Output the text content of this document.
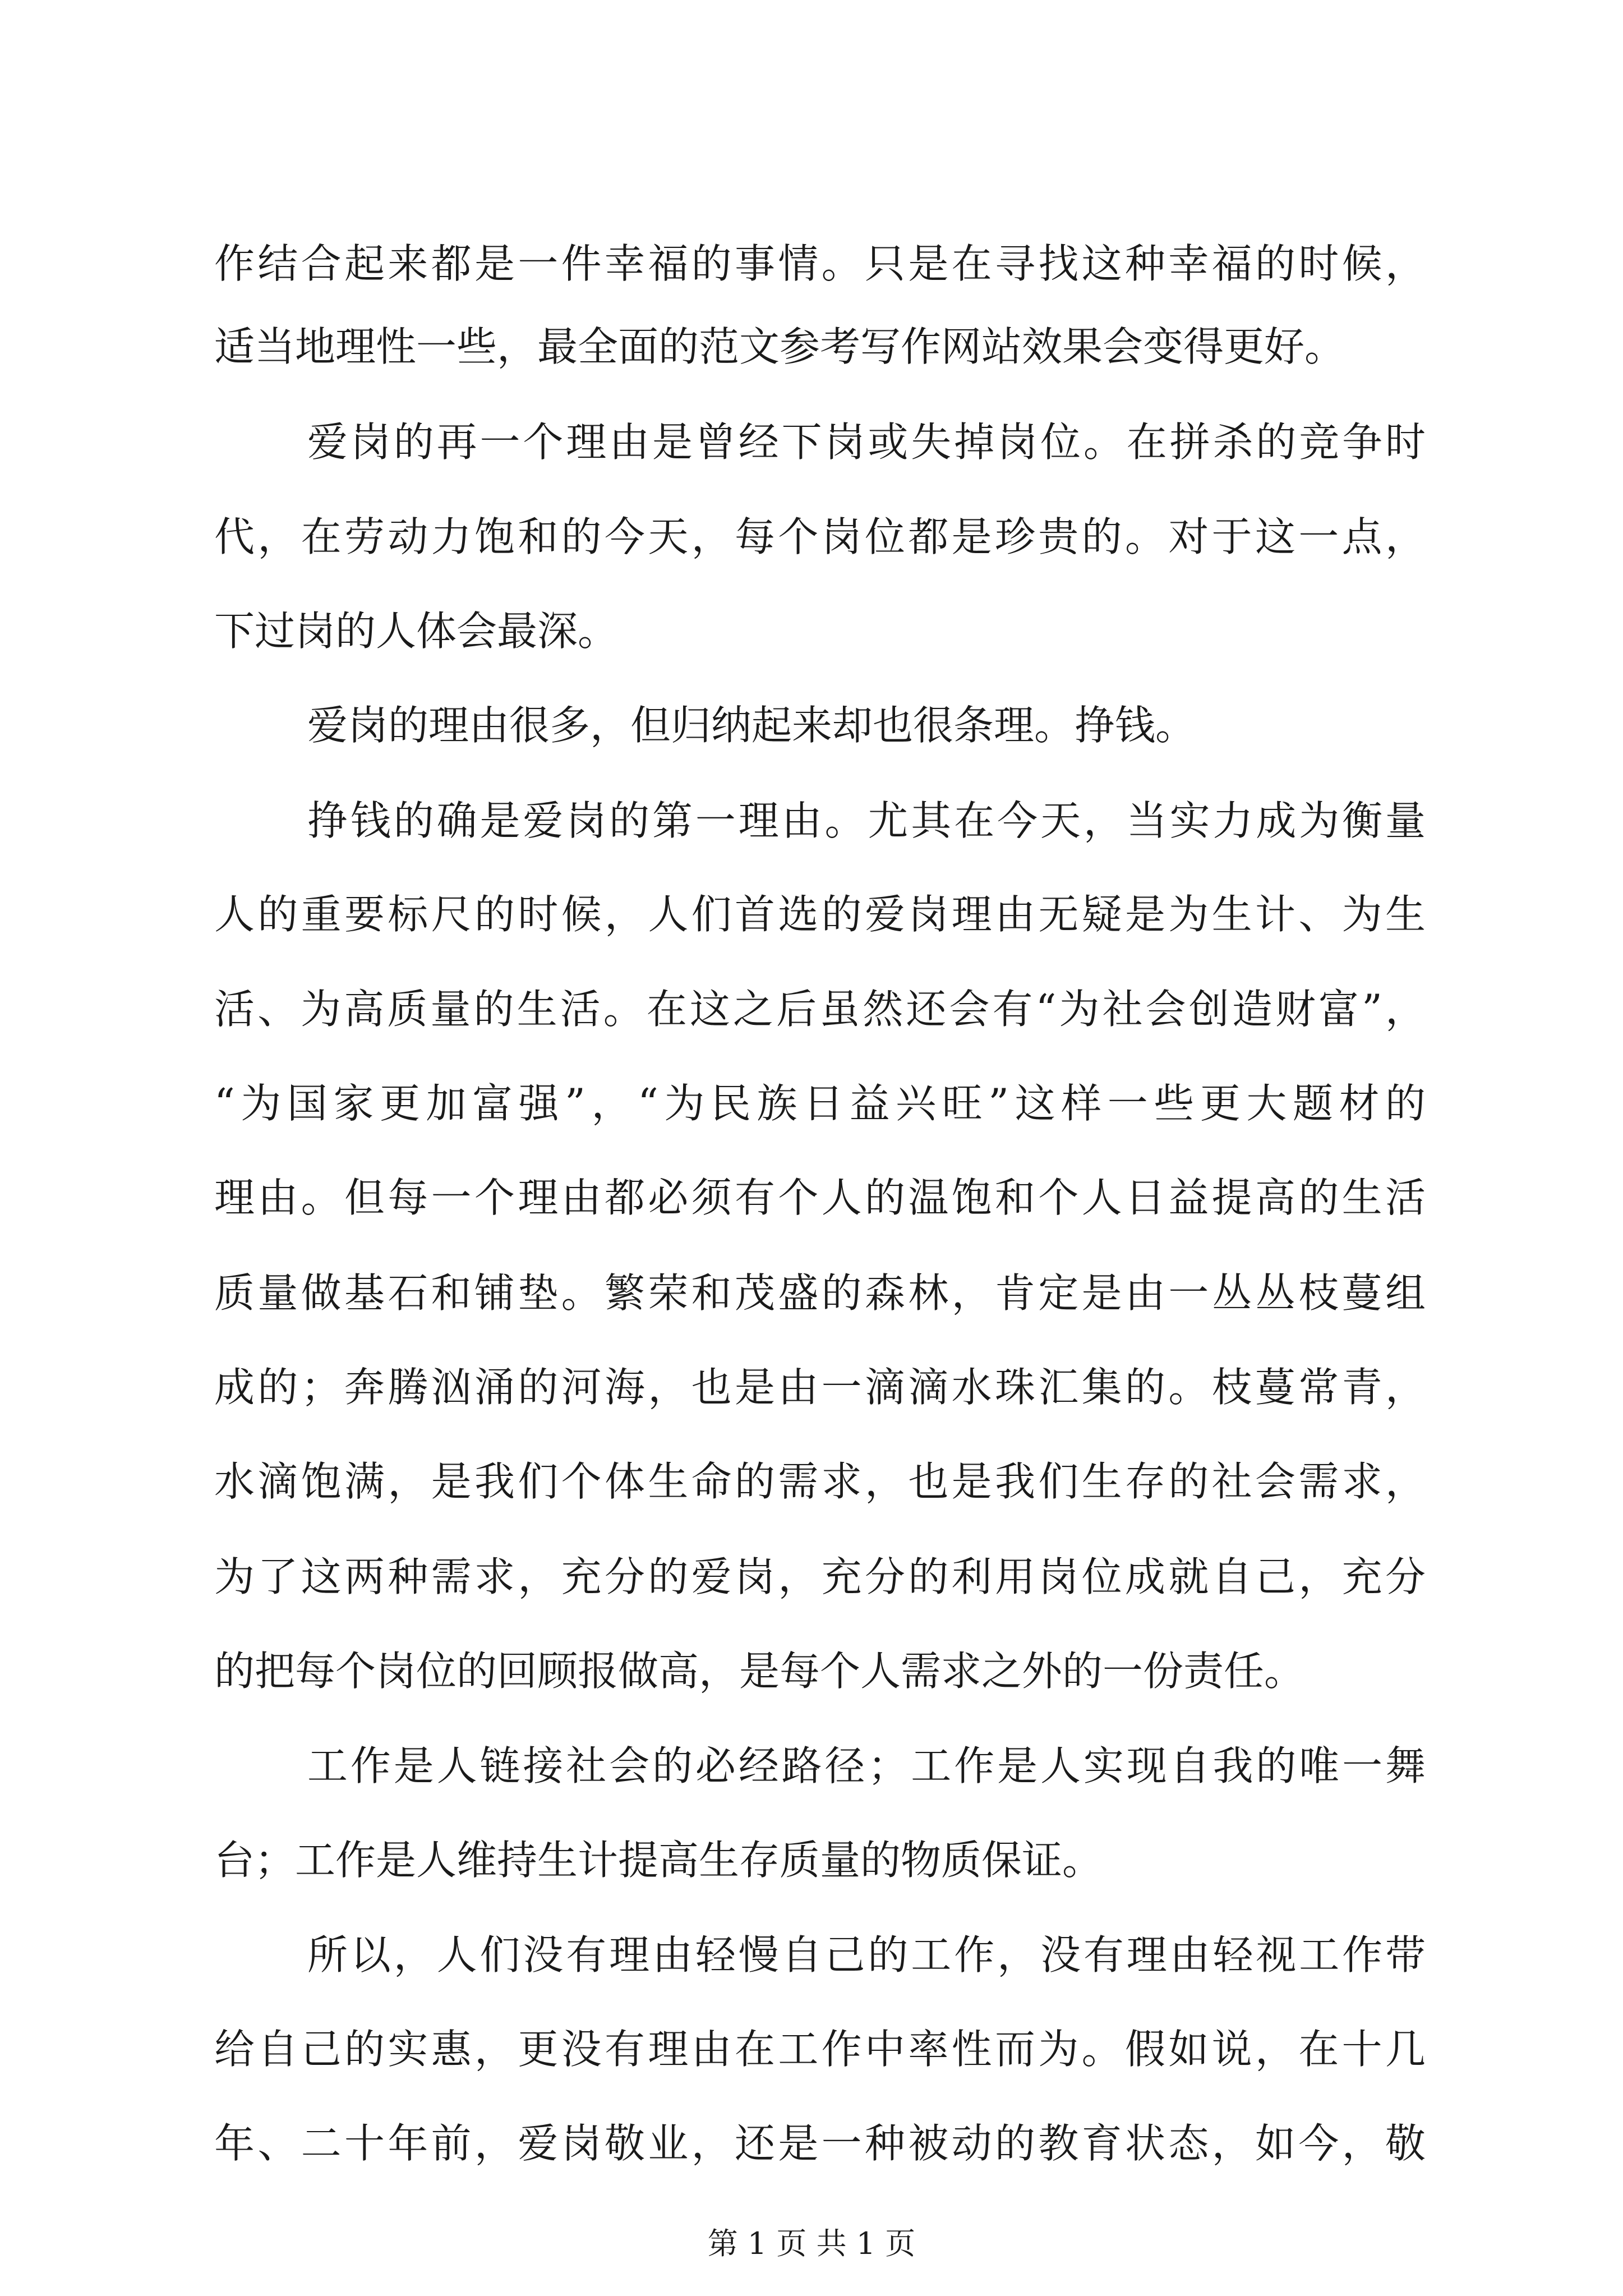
作结合起来都是一件幸福的事情。只是在寻找这种幸福的时候，
适当地理性一些，最全面的范文参考写作网站效果会变得更好。
爱岗的再一个理由是曾经下岗或失掉岗位。在拼杀的竞争时
代，在劳动力饱和的今天，每个岗位都是珍贵的。对于这一点，
下过岗的人体会最深。
爱岗的理由很多，但归纳起来却也很条理。挣钱。
挣钱的确是爱岗的第一理由。尤其在今天，当实力成为衡量
人的重要标尺的时候，人们首选的爱岗理由无疑是为生计、为生
活、为高质量的生活。在这之后虽然还会有“为社会创造财富”，
“为国家更加富强”，“为民族日益兴旺”这样一些更大题材的
理由。但每一个理由都必须有个人的温饱和个人日益提高的生活
质量做基石和铺垫。繁荣和茂盛的森林，肯定是由一丛丛枝蔓组
成的；奔腾汹涌的河海，也是由一滴滴水珠汇集的。枝蔓常青，
水滴饱满，是我们个体生命的需求，也是我们生存的社会需求，
为了这两种需求，充分的爱岗，充分的利用岗位成就自己，充分
的把每个岗位的回顾报做高，是每个人需求之外的一份责任。
工作是人链接社会的必经路径；工作是人实现自我的唯一舞
台；工作是人维持生计提高生存质量的物质保证。
所以，人们没有理由轻慢自己的工作，没有理由轻视工作带
给自己的实惠，更没有理由在工作中率性而为。假如说，在十几
第 1 页 共 1 页
年、二十年前，爱岗敬业，还是一种被动的教育状态，如今，敬
